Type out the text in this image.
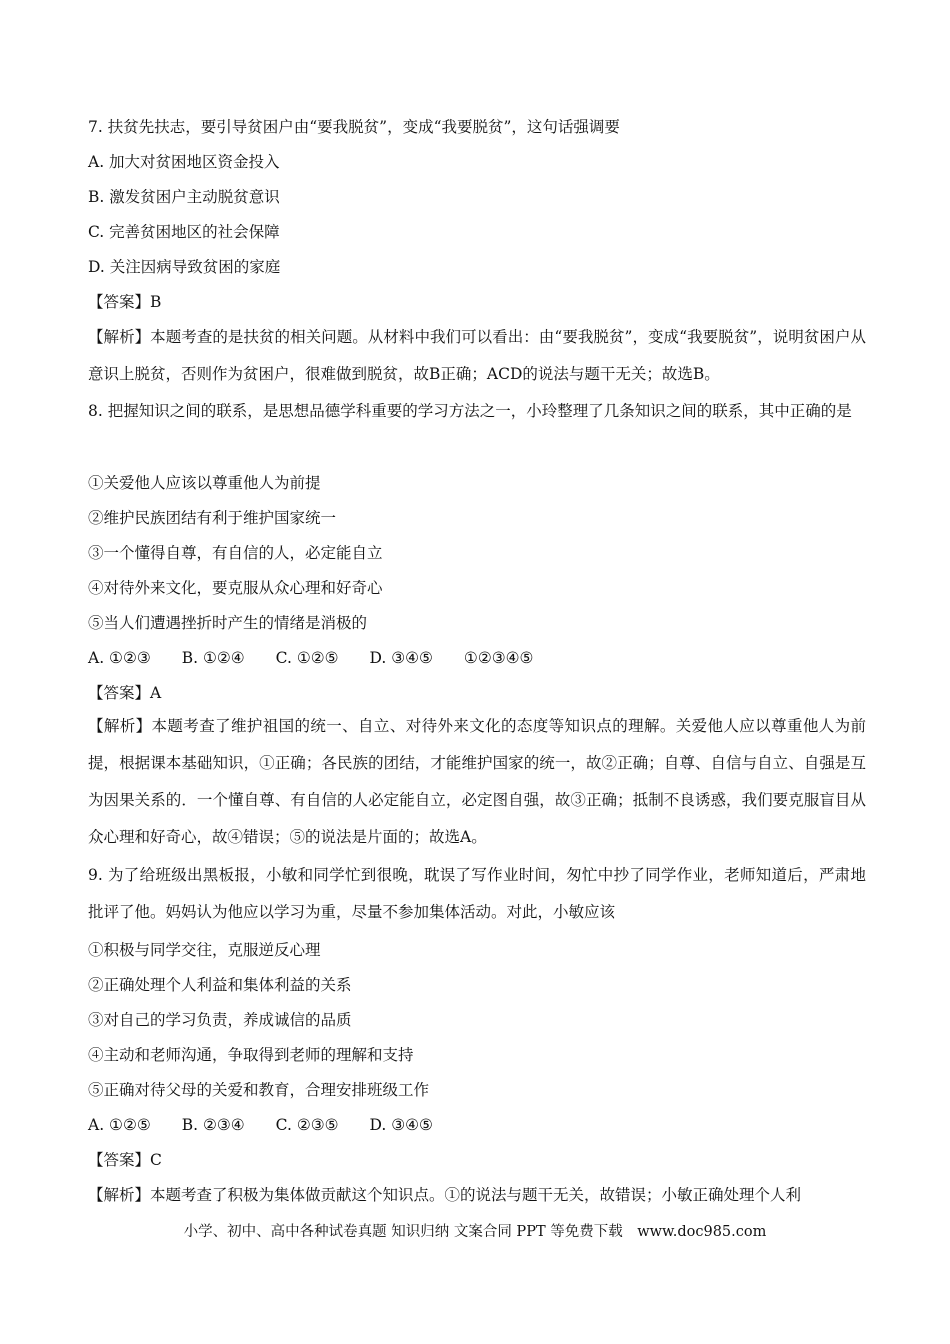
7. 扶贫先扶志，要引导贫困户由“要我脱贫”，变成“我要脱贫”，这句话强调要
A. 加大对贫困地区资金投入
B. 激发贫困户主动脱贫意识
C. 完善贫困地区的社会保障
D. 关注因病导致贫困的家庭
【答案】B
【解析】本题考查的是扶贫的相关问题。从材料中我们可以看出：由“要我脱贫”，变成“我要脱贫”，说明贫困户从意识上脱贫，否则作为贫困户，很难做到脱贫，故B正确；ACD的说法与题干无关；故选B。
8. 把握知识之间的联系，是思想品德学科重要的学习方法之一，小玲整理了几条知识之间的联系，其中正确的是
①关爱他人应该以尊重他人为前提
②维护民族团结有利于维护国家统一
③一个懂得自尊，有自信的人，必定能自立
④对待外来文化，要克服从众心理和好奇心
⑤当人们遭遇挫折时产生的情绪是消极的
A. ①②③　　B. ①②④　　C. ①②⑤　　D. ③④⑤　　①②③④⑤
【答案】A
【解析】本题考查了维护祖国的统一、自立、对待外来文化的态度等知识点的理解。关爱他人应以尊重他人为前提，根据课本基础知识，①正确；各民族的团结，才能维护国家的统一，故②正确；自尊、自信与自立、自强是互为因果关系的．一个懂自尊、有自信的人必定能自立，必定图自强，故③正确；抵制不良诱惑，我们要克服盲目从众心理和好奇心，故④错误；⑤的说法是片面的；故选A。
9. 为了给班级出黑板报，小敏和同学忙到很晚，耽误了写作业时间，匆忙中抄了同学作业，老师知道后，严肃地批评了他。妈妈认为他应以学习为重，尽量不参加集体活动。对此，小敏应该
①积极与同学交往，克服逆反心理
②正确处理个人利益和集体利益的关系
③对自己的学习负责，养成诚信的品质
④主动和老师沟通，争取得到老师的理解和支持
⑤正确对待父母的关爱和教育，合理安排班级工作
A. ①②⑤　　B. ②③④　　C. ②③⑤　　D. ③④⑤
【答案】C
【解析】本题考查了积极为集体做贡献这个知识点。①的说法与题干无关，故错误；小敏正确处理个人利
小学、初中、高中各种试卷真题 知识归纳 文案合同 PPT 等免费下载　www.doc985.com
